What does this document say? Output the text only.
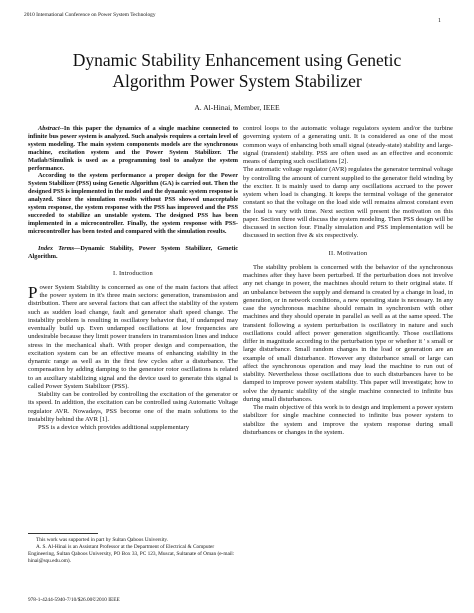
2010 International Conference on Power System Technology
1
Dynamic Stability Enhancement using Genetic
Algorithm Power System Stabilizer
A. Al-Hinai, Member, IEEE

Abstract--In this paper the dynamics of a single machine connected to infinite bus power system is analyzed. Such analysis requires a certain level of system modeling. The main system components models are the synchronous machine, excitation system and the Power System Stabilizer. The Matlab/Simulink is used as a programming tool to analyze the system performance.

According to the system performance a proper design for the Power System Stabilizer (PSS) using Genetic Algorithm (GA) is carried out. Then the designed PSS is implemented in the model and the dynamic system response is analyzed. Since the simulation results without PSS showed unacceptable system response, the system response with the PSS has improved and the PSS succeeded to stabilize an unstable system. The designed PSS has been implemented in a microcontroller. Finally, the system response with PSS-microcontroller has been tested and compared with the simulation results.

Index Terms—Dynamic Stability, Power System Stabilizer, Genetic Algorithm.

I. Introduction

Power System Stability is concerned as one of the main factors that affect the power system in it's three main sectors: generation, transmission and distribution. There are several factors that can affect the stability of the system such as sudden load change, fault and generator shaft speed change. The instability problem is resulting in oscillatory behavior that, if undamped may eventually build up. Even undamped oscillations at low frequencies are undesirable because they limit power transfers in transmission lines and induce stress in the mechanical shaft. With proper design and compensation, the excitation system can be an effective means of enhancing stability in the dynamic range as well as in the first few cycles after a disturbance. The compensation by adding damping to the generator rotor oscillations is related to an auxiliary stabilizing signal and the device used to generate this signal is called Power System Stabilizer (PSS).

Stability can be controlled by controlling the excitation of the generator or its speed. In addition, the excitation can be controlled using Automatic Voltage regulator AVR. Nowadays, PSS become one of the main solutions to the instability behind the AVR [1].

PSS is a device which provides additional supplementary

This work was supported in part by Sultan Qaboos University.

A. S. Al-Hinai is an Assistant Professor at the Department of Electrical & Computer Engineering, Sultan Qaboos University, PO Box 33, PC 123, Muscat, Sultanate of Oman (e-mail: hinai@squ.edu.om).

978-1-4244-5940-7/10/$26.00©2010 IEEE

control loops to the automatic voltage regulators system and/or the turbine governing system of a generating unit. It is considered as one of the most common ways of enhancing both small signal (steady-state) stability and large-signal (transient) stability. PSS are often used as an effective and economic means of damping such oscillations [2].

The automatic voltage regulator (AVR) regulates the generator terminal voltage by controlling the amount of current supplied to the generator field winding by the exciter. It is mainly used to damp any oscillations accrued to the power system when load is changing. It keeps the terminal voltage of the generator constant so that the voltage on the load side will remains almost constant even the load is vary with time. Next section will present the motivation on this paper. Section three will discuss the system modeling. Then PSS design will be discussed in section four. Finally simulation and PSS implementation will be discussed in section five & six respectively.

II. Motivation

The stability problem is concerned with the behavior of the synchronous machines after they have been perturbed. If the perturbation does not involve any net change in power, the machines should return to their original state. If an unbalance between the supply and demand is created by a change in load, in generation, or in network conditions, a new operating state is necessary. In any case the synchronous machine should remain in synchronism with other machines and they should operate in parallel as well as at the same speed. The transient following a system perturbation is oscillatory in nature and such oscillations could affect power generation significantly. Those oscillations differ in magnitude according to the perturbation type or whether it ' s small or large disturbance. Small random changes in the load or generation are an example of small disturbance. However any disturbance small or large can affect the synchronous operation and may lead the machine to run out of stability. Nevertheless those oscillations due to such disturbances have to be damped to improve power system stability. This paper will investigate; how to solve the dynamic stability of the single machine connected to infinite bus during small disturbances.

The main objective of this work is to design and implement a power system stabilizer for single machine connected to infinite bus power system to stabilize the system and improve the system response during small disturbances or changes in the system.
